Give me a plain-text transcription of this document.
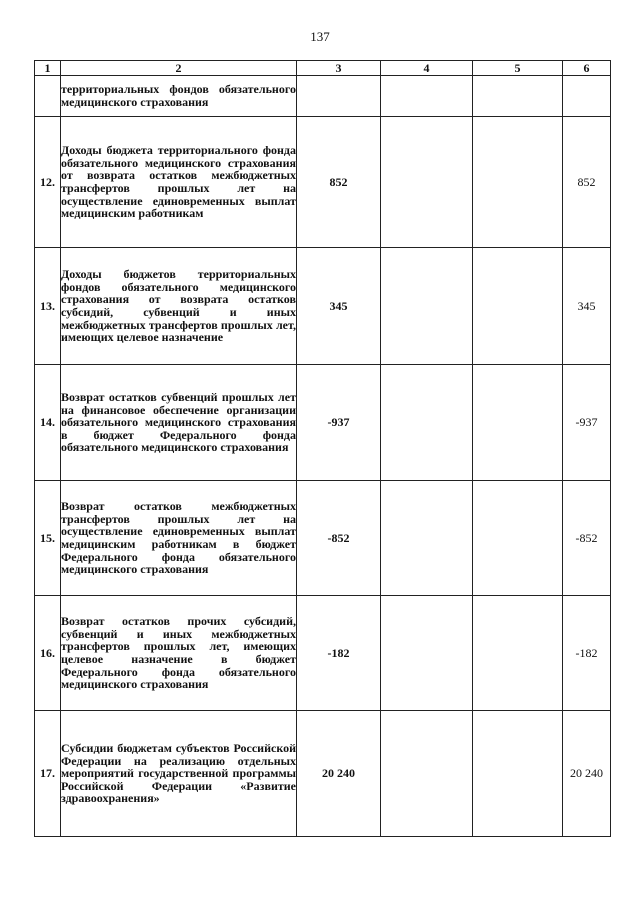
137
1	2	3	4	5	6

	территориальных фондов обязательного медицинского страхования				

12.	Доходы бюджета территориального фонда обязательного медицинского страхования от возврата остатков межбюджетных трансфертов прошлых лет на осуществление единовременных выплат медицинским работникам	852			852
13.	Доходы бюджетов территориальных фондов обязательного медицинского страхования от возврата остатков субсидий, субвенций и иных межбюджетных трансфертов прошлых лет, имеющих целевое назначение	345			345
14.	Возврат остатков субвенций прошлых лет на финансовое обеспечение организации обязательного медицинского страхования в бюджет Федерального фонда обязательного медицинского страхования	-937			-937
15.	Возврат остатков межбюджетных трансфертов прошлых лет на осуществление единовременных выплат медицинским работникам в бюджет Федерального фонда обязательного медицинского страхования	-852			-852
16.	Возврат остатков прочих субсидий, субвенций и иных межбюджетных трансфертов прошлых лет, имеющих целевое назначение в бюджет Федерального фонда обязательного медицинского страхования	-182			-182
17.	Субсидии бюджетам субъектов Российской Федерации на реализацию отдельных мероприятий государственной программы Российской Федерации «Развитие здравоохранения»	20 240			20 240
